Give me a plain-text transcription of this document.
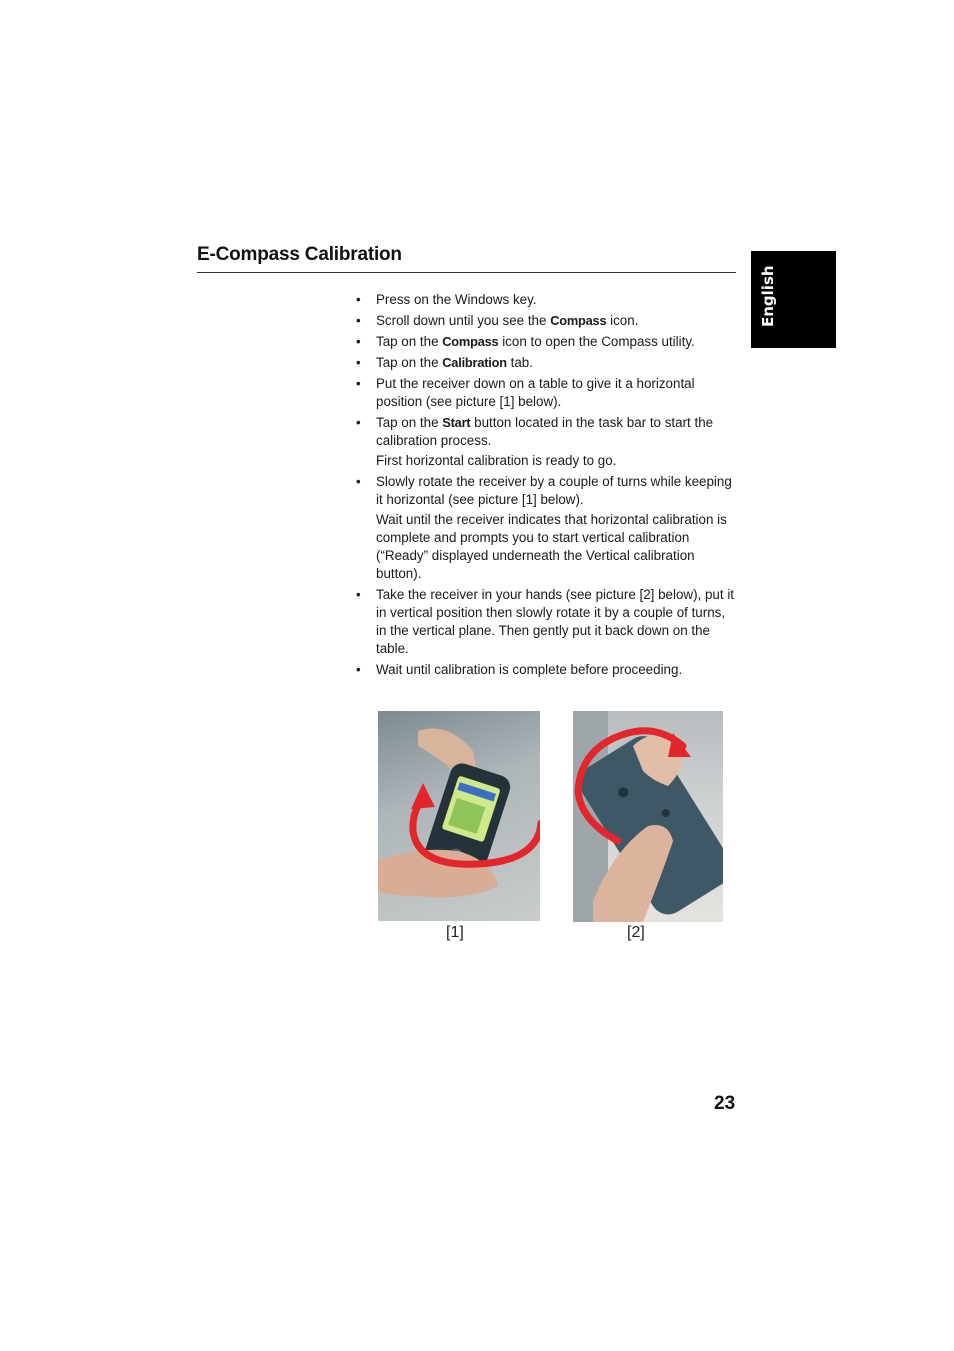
E-Compass Calibration
English

• Press on the Windows key.

• Scroll down until you see the Compass icon.

• Tap on the Compass icon to open the Compass utility.

• Tap on the Calibration tab.

• Put the receiver down on a table to give it a horizontal position (see picture [1] below).

• Tap on the Start button located in the task bar to start the calibration process.

First horizontal calibration is ready to go.

• Slowly rotate the receiver by a couple of turns while keeping it horizontal (see picture [1] below).

Wait until the receiver indicates that horizontal calibration is complete and prompts you to start vertical calibration (“Ready” displayed underneath the Vertical calibration button).

• Take the receiver in your hands (see picture [2] below), put it in vertical position then slowly rotate it by a couple of turns, in the vertical plane. Then gently put it back down on the table.

• Wait until calibration is complete before proceeding.

[1]	[2]
23
